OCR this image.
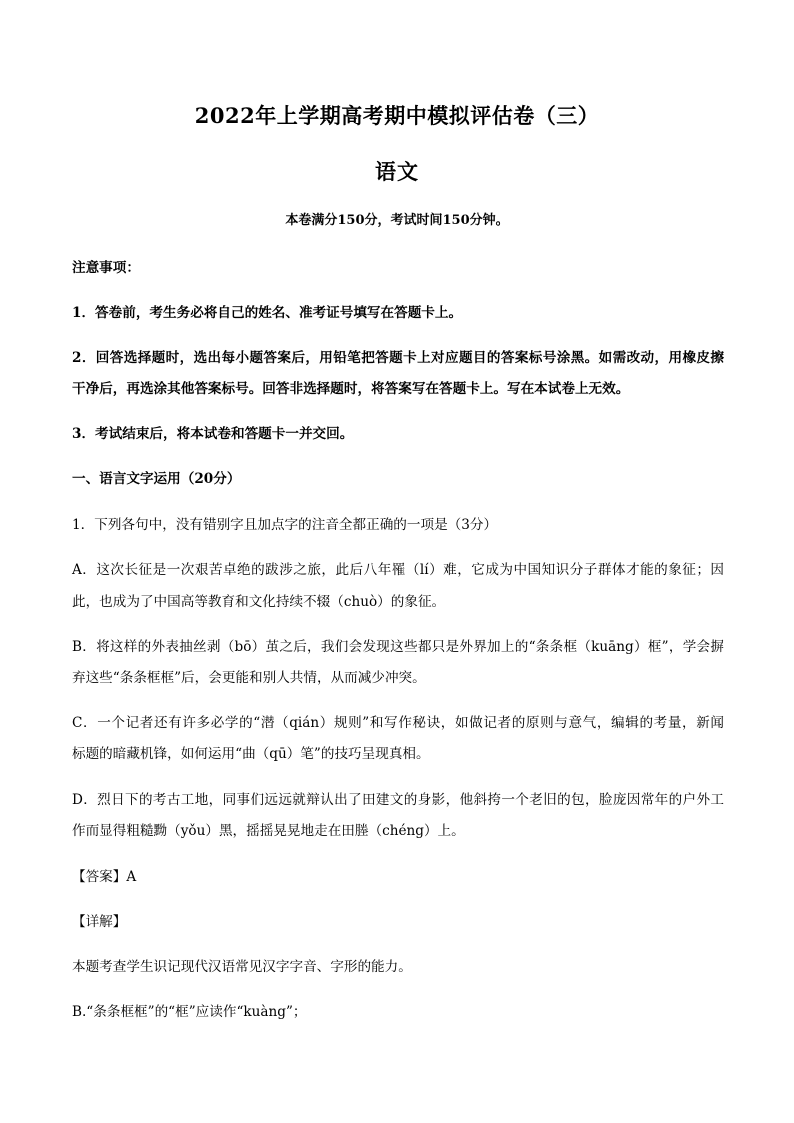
2022年上学期高考期中模拟评估卷（三）
语文
本卷满分150分，考试时间150分钟。
注意事项：
1．答卷前，考生务必将自己的姓名、准考证号填写在答题卡上。
2．回答选择题时，选出每小题答案后，用铅笔把答题卡上对应题目的答案标号涂黑。如需改动，用橡皮擦
干净后，再选涂其他答案标号。回答非选择题时，将答案写在答题卡上。写在本试卷上无效。
3．考试结束后，将本试卷和答题卡一并交回。
一、语言文字运用（20分）
1．下列各句中，没有错别字且加点字的注音全都正确的一项是（3分）
A．这次长征是一次艰苦卓绝的跋涉之旅，此后八年罹（lí）难，它成为中国知识分子群体才能的象征；因
此，也成为了中国高等教育和文化持续不辍（chuò）的象征。
B．将这样的外表抽丝剥（bō）茧之后，我们会发现这些都只是外界加上的“条条框（kuāng）框”，学会摒
弃这些“条条框框”后，会更能和别人共情，从而减少冲突。
C．一个记者还有许多必学的“潜（qián）规则”和写作秘诀，如做记者的原则与意气，编辑的考量，新闻
标题的暗藏机锋，如何运用“曲（qū）笔”的技巧呈现真相。
D．烈日下的考古工地，同事们远远就辩认出了田建文的身影，他斜挎一个老旧的包，脸庞因常年的户外工
作而显得粗糙黝（yǒu）黑，摇摇晃晃地走在田塍（chéng）上。
【答案】A
【详解】
本题考查学生识记现代汉语常见汉字字音、字形的能力。
B.“条条框框”的“框”应读作“kuàng”；
